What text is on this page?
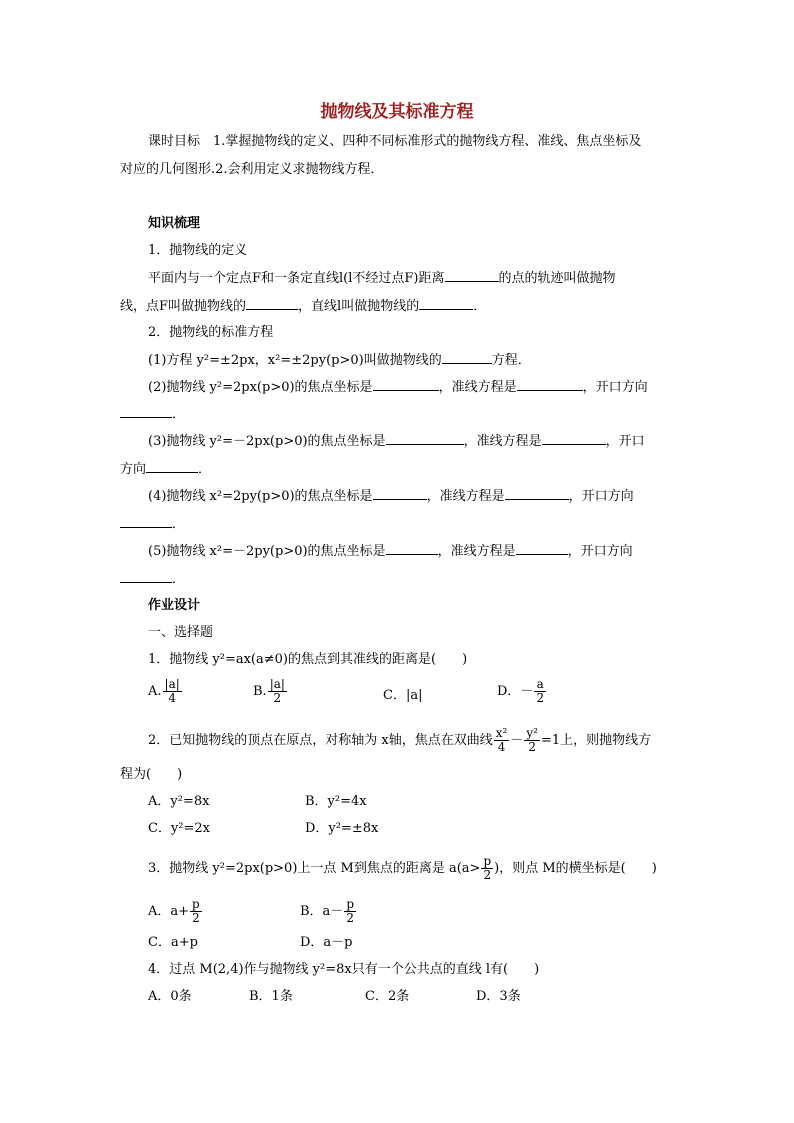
抛物线及其标准方程
课时目标　1.掌握抛物线的定义、四种不同标准形式的抛物线方程、准线、焦点坐标及
对应的几何图形.2.会利用定义求抛物线方程．
知识梳理
1．抛物线的定义
平面内与一个定点F和一条定直线l(l不经过点F)距离	的点的轨迹叫做抛物
线，点F叫做抛物线的	，直线l叫做抛物线的	．
2．抛物线的标准方程
(1)方程 y²=±2px，x²=±2py(p>0)叫做抛物线的	方程．
(2)抛物线 y²=2px(p>0)的焦点坐标是	，准线方程是	，开口方向
．
(3)抛物线 y²=－2px(p>0)的焦点坐标是	，准线方程是	，开口
方向	．
(4)抛物线 x²=2py(p>0)的焦点坐标是	，准线方程是	，开口方向
．
(5)抛物线 x²=－2py(p>0)的焦点坐标是	，准线方程是	，开口方向
．
作业设计
一、选择题
1．抛物线 y²=ax(a≠0)的焦点到其准线的距离是(　　)
A. $\frac{|a|}{4}$	B. $\frac{|a|}{2}$	C．|a|	D．－ $\frac{a}{2}$
2．已知抛物线的顶点在原点，对称轴为 x轴，焦点在双曲线 $\frac{\text{x²}}{4} - \frac{\text{y²}}{2} =1$上，则抛物线方
程为(　　)
A．y²=8x	B．y²=4x
C．y²=2x	D．y²=±8x
3．抛物线 y²=2px(p>0)上一点 M到焦点的距离是 $a(a> \frac{p}{2}$ )，则点 M的横坐标是(　　)
A．$a+ \frac{p}{2}$	B．$a- \frac{p}{2}$
C．a+p	D．a－p
4．过点 M(2,4)作与抛物线 y²=8x只有一个公共点的直线 l有(　　)
A．0条	B．1条	C．2条	D．3条
